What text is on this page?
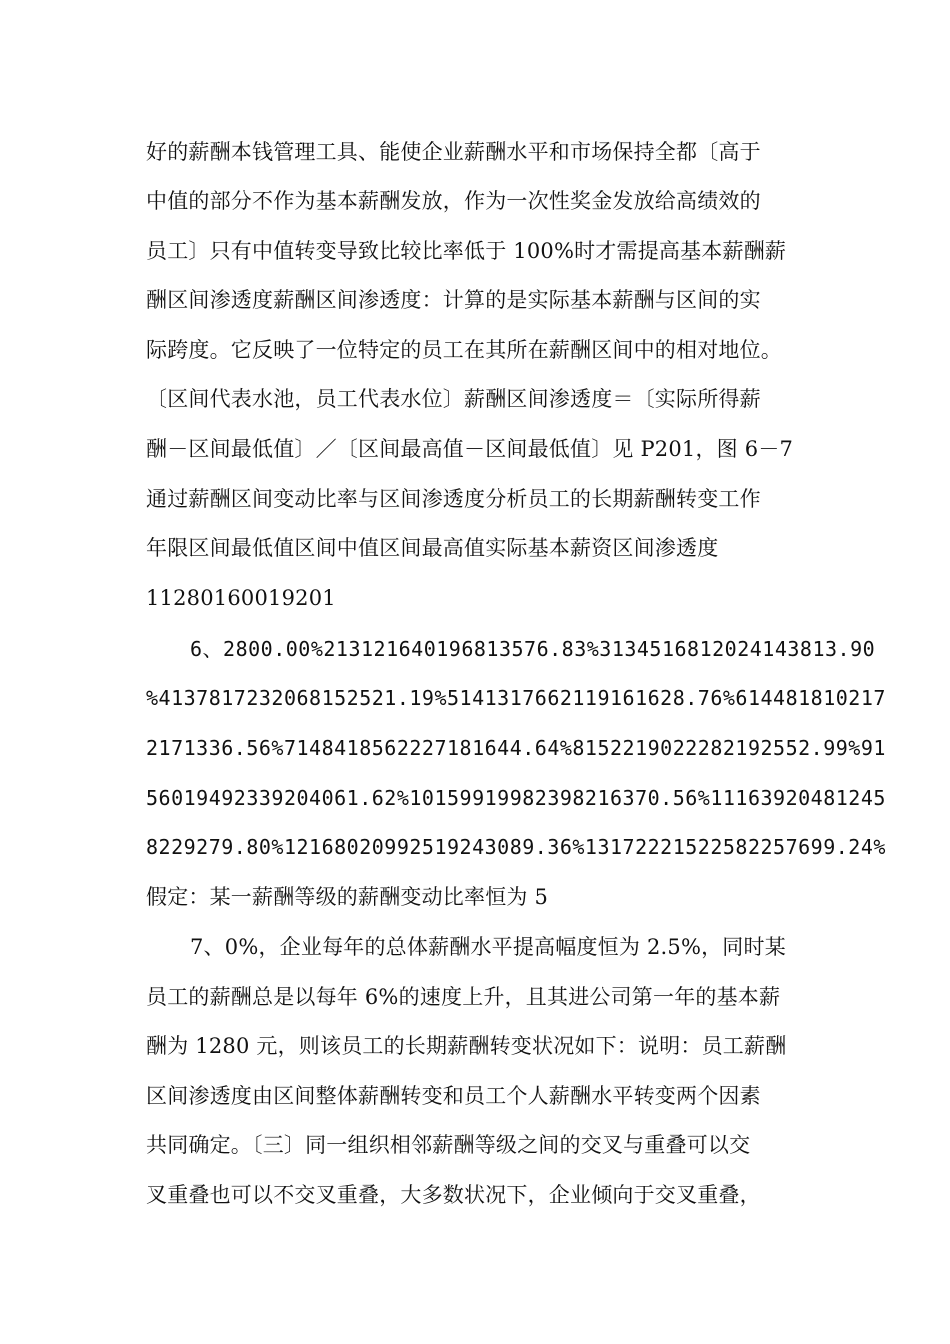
好的薪酬本钱管理工具、能使企业薪酬水平和市场保持全都〔高于
中值的部分不作为基本薪酬发放，作为一次性奖金发放给高绩效的
员工〕只有中值转变导致比较比率低于 100%时才需提高基本薪酬薪
酬区间渗透度薪酬区间渗透度：计算的是实际基本薪酬与区间的实
际跨度。它反映了一位特定的员工在其所在薪酬区间中的相对地位。
〔区间代表水池，员工代表水位〕薪酬区间渗透度＝〔实际所得薪
酬－区间最低值〕／〔区间最高值－区间最低值〕见 P201，图 6－7
通过薪酬区间变动比率与区间渗透度分析员工的长期薪酬转变工作
年限区间最低值区间中值区间最高值实际基本薪资区间渗透度
11280160019201
6、2800.00%213121640196813576.83%3134516812024143813.90
%4137817232068152521.19%5141317662119161628.76%614481810217
2171336.56%7148418562227181644.64%8152219022282192552.99%91
56019492339204061.62%10159919982398216370.56%11163920481245
8229279.80%12168020992519243089.36%13172221522582257699.24%
假定：某一薪酬等级的薪酬变动比率恒为 5
7、0%，企业每年的总体薪酬水平提高幅度恒为 2.5%，同时某
员工的薪酬总是以每年 6%的速度上升，且其进公司第一年的基本薪
酬为 1280 元，则该员工的长期薪酬转变状况如下：说明：员工薪酬
区间渗透度由区间整体薪酬转变和员工个人薪酬水平转变两个因素
共同确定。〔三〕同一组织相邻薪酬等级之间的交叉与重叠可以交
叉重叠也可以不交叉重叠，大多数状况下，企业倾向于交叉重叠，
